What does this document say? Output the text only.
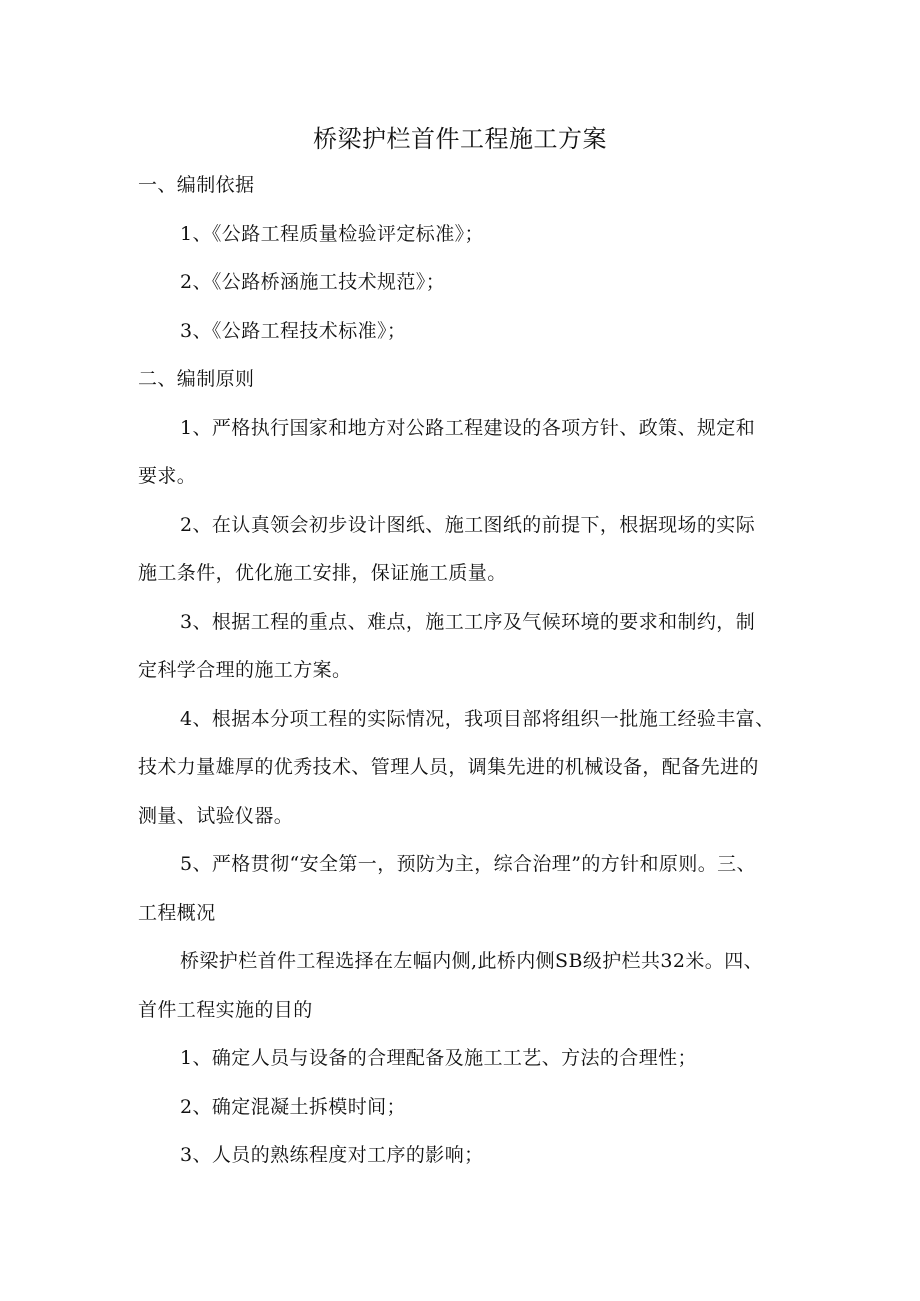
桥梁护栏首件工程施工方案
一、编制依据
1、《公路工程质量检验评定标准》；
2、《公路桥涵施工技术规范》；
3、《公路工程技术标准》；
二、编制原则
1、严格执行国家和地方对公路工程建设的各项方针、政策、规定和
要求。
2、在认真领会初步设计图纸、施工图纸的前提下，根据现场的实际
施工条件，优化施工安排，保证施工质量。
3、根据工程的重点、难点，施工工序及气候环境的要求和制约，制
定科学合理的施工方案。
4、根据本分项工程的实际情况，我项目部将组织一批施工经验丰富、
技术力量雄厚的优秀技术、管理人员，调集先进的机械设备，配备先进的
测量、试验仪器。
5、严格贯彻“安全第一，预防为主，综合治理”的方针和原则。三、
工程概况
桥梁护栏首件工程选择在左幅内侧,此桥内侧SB级护栏共32米。四、
首件工程实施的目的
1、确定人员与设备的合理配备及施工工艺、方法的合理性；
2、确定混凝土拆模时间；
3、人员的熟练程度对工序的影响；
